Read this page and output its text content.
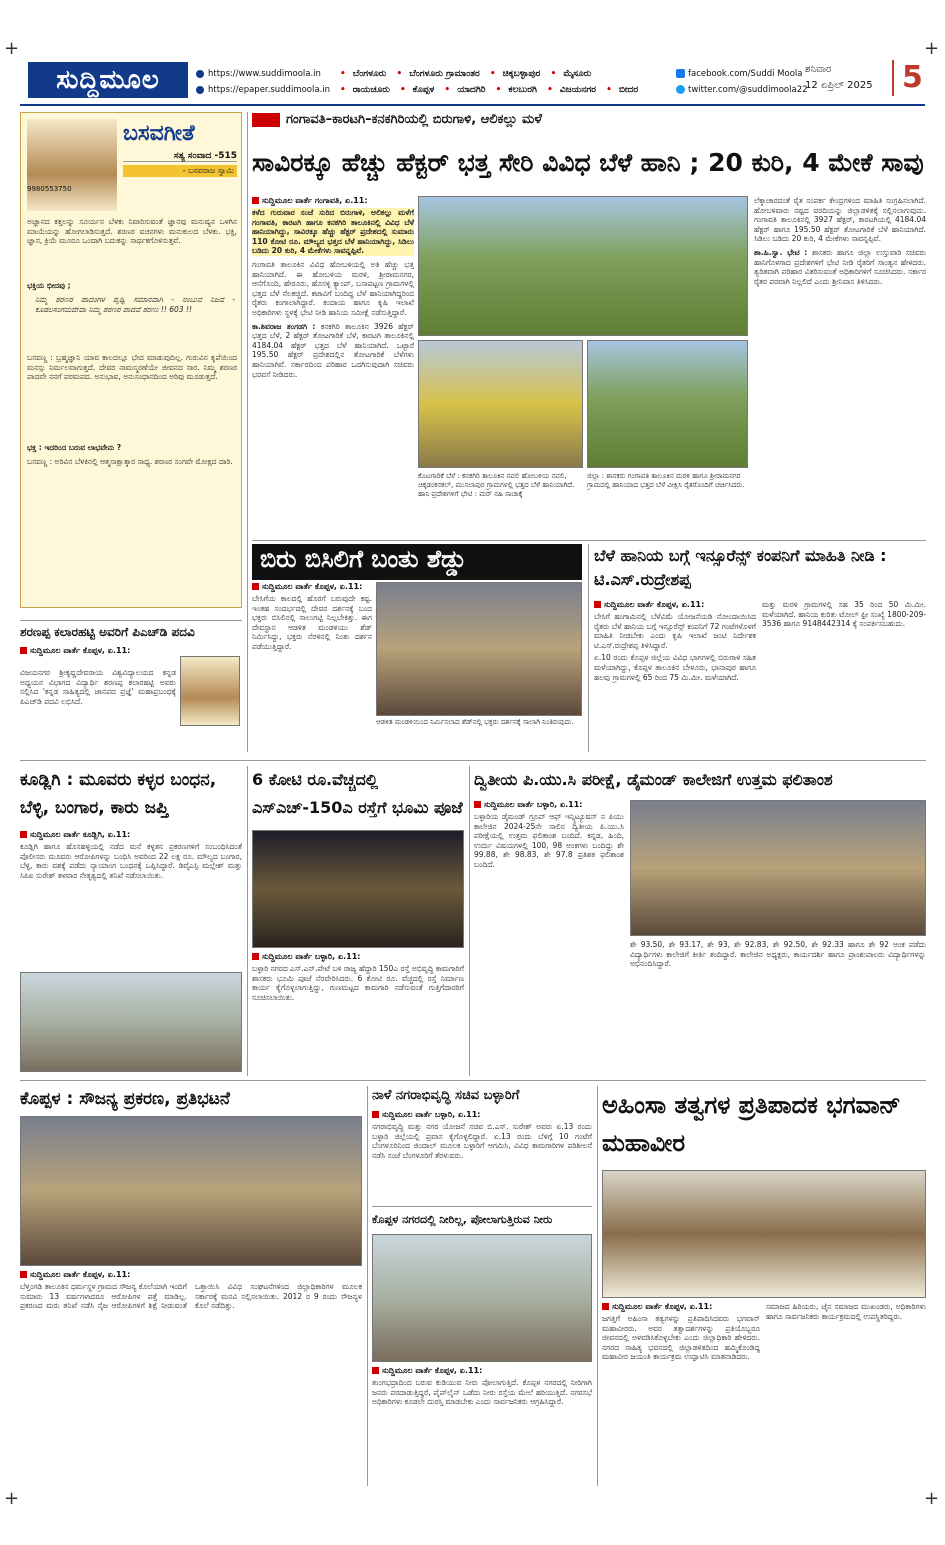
+	+
+	+
ಸುದ್ದಿಮೂಲ	https://www.suddimoola.in
https://epaper.suddimoola.in
• ಬೆಂಗಳೂರು • ಬೆಂಗಳೂರು ಗ್ರಾಮಾಂತರ • ಚಿಕ್ಕಬಳ್ಳಾಪುರ • ಮೈಸೂರು
• ರಾಯಚೂರು • ಕೊಪ್ಪಳ • ಯಾದಗಿರಿ • ಕಲಬುರಗಿ • ವಿಜಯನಗರ • ಬೀದರ
facebook.com/Suddi Moola
twitter.com/@suddimoola22
ಶನಿವಾರ
12 ಏಪ್ರಿಲ್ 2025 5
ಬಸವಗೀತೆ
ಸತ್ಯ ಸಂವಾದ -515
- ಬಸವರಾಜ ಸ್ವಾಮಿ
9980553750
ಅಜ್ಞಾನದ ಕತ್ತಲನ್ನು ಸೂರ್ಯನ ಬೆಳಕು ನಿವಾರಿಸುವಂತೆ ಜ್ಞಾನವು ಮನುಷ್ಯನ ಒಳಗಿನ ಮಾಯೆಯನ್ನು ಹೋಗಲಾಡಿಸುತ್ತದೆ. ಶರಣರ ವಚನಗಳು ಮನುಕುಲದ ಬೆಳಕು. ಭಕ್ತಿ, ಜ್ಞಾನ, ಕ್ರಿಯೆ ಮೂರೂ ಒಂದಾಗಿ ಬದುಕನ್ನು ಸಾರ್ಥಕಗೊಳಿಸುತ್ತವೆ.
ಭಕ್ತಿಯ ಭೀದವು ;
ನಿಮ್ಮ ಶರಣರ ಪಾದಂಗಳ ಪೃಥ್ವಿ ಸಮಾನವಾಗಿ - ನಂಬುವ ನಿಜವ - ಕೂಡಲಸಂಗಮದೇವಾ ನಿಮ್ಮ ಶರಣರ ಪಾದವೆ ಶರಣು !! 603 !!
ಬಸವಣ್ಣ : ಬ್ರಹ್ಮಜ್ಞಾನಿ ಯಾವ ಕಾಲದಲ್ಲೂ ಭೇದ ಮಾಡುವುದಿಲ್ಲ. ಗುರುವಿನ ಕೃಪೆಯಿಂದ ಮನಸ್ಸು ನಿರ್ಮಲವಾಗುತ್ತದೆ. ದೇವರ ನಾಮಸ್ಮರಣೆಯೇ ಜೀವನದ ಸಾರ. ನಿಮ್ಮ ಶರಣರ ಪಾದವೇ ನನಗೆ ಪರಮಪದ. ಅನುಭಾವ, ಅನುಸಂಧಾನದಿಂದ ಅರಿವು ಮೂಡುತ್ತದೆ.
ಭಕ್ತ : ಇದರಿಂದ ಬರುವ ಲಾಭವೇನು ?
ಬಸವಣ್ಣ : ಅರಿವಿನ ಬೆಳಕಿನಲ್ಲಿ ಆತ್ಮಸಾಕ್ಷಾತ್ಕಾರ ಸಾಧ್ಯ. ಶರಣರ ಸಂಗವೇ ಮೋಕ್ಷದ ದಾರಿ.
ಶರಣಪ್ಪ ಕಲಾರಹಟ್ಟಿ ಅವರಿಗೆ ಪಿಎಚ್‌ಡಿ ಪದವಿ
ಸುದ್ದಿಮೂಲ ವಾರ್ತೆ ಕೊಪ್ಪಳ, ಏ.11:
ವಿಜಯನಗರ ಶ್ರೀಕೃಷ್ಣದೇವರಾಯ ವಿಶ್ವವಿದ್ಯಾಲಯದ ಕನ್ನಡ ಅಧ್ಯಯನ ವಿಭಾಗದ ವಿದ್ಯಾರ್ಥಿ ಶರಣಪ್ಪ ಕಲಾರಹಟ್ಟಿ ಅವರು ಸಲ್ಲಿಸಿದ 'ಕನ್ನಡ ಸಾಹಿತ್ಯದಲ್ಲಿ ಜಾನಪದ ಪ್ರಜ್ಞೆ' ಮಹಾಪ್ರಬಂಧಕ್ಕೆ ಪಿಎಚ್‌ಡಿ ಪದವಿ ಲಭಿಸಿದೆ.
ಗಂಗಾವತಿ–ಕಾರಟಗಿ–ಕನಕಗಿರಿಯಲ್ಲಿ ಬಿರುಗಾಳಿ, ಆಲಿಕಲ್ಲು ಮಳೆ
ಸಾವಿರಕ್ಕೂ ಹೆಚ್ಚು ಹೆಕ್ಟರ್ ಭತ್ತ ಸೇರಿ ವಿವಿಧ ಬೆಳೆ ಹಾನಿ ; 20 ಕುರಿ, 4 ಮೇಕೆ ಸಾವು
ಸುದ್ದಿಮೂಲ ವಾರ್ತೆ ಗಂಗಾವತಿ, ಏ.11:
ಕಳೆದ ಗುರುವಾರ ಸಂಜೆ ಸುರಿದ ಬಿರುಗಾಳಿ, ಆಲಿಕಲ್ಲು ಮಳೆಗೆ ಗಂಗಾವತಿ, ಕಾರಟಗಿ ಹಾಗೂ ಕನಕಗಿರಿ ತಾಲೂಕಿನಲ್ಲಿ ವಿವಿಧ ಬೆಳೆ ಹಾನಿಯಾಗಿದ್ದು, ಸಾವಿರಕ್ಕೂ ಹೆಚ್ಚು ಹೆಕ್ಟರ್ ಪ್ರದೇಶದಲ್ಲಿ ಸುಮಾರು 110 ಕೋಟಿ ರೂ. ಮೌಲ್ಯದ ಭತ್ತದ ಬೆಳೆ ಹಾನಿಯಾಗಿದ್ದು, ಸಿಡಿಲು ಬಡಿದು 20 ಕುರಿ, 4 ಮೇಕೆಗಳು ಸಾವನ್ನಪ್ಪಿವೆ.
ಗಂಗಾವತಿ ತಾಲೂಕಿನ ವಿವಿಧ ಹೋಬಳಿಯಲ್ಲಿ ಅತಿ ಹೆಚ್ಚು ಭತ್ತ ಹಾನಿಯಾಗಿದೆ. ಈ ಹೋಬಳಿಯ ಮರಳಿ, ಶ್ರೀರಾಮನಗರ, ಆನೆಗೊಂದಿ, ಹೇರೂರು, ಹೊಸಳ್ಳಿ ಕ್ಯಾಂಪ್, ಬಸಾಪಟ್ಟಣ ಗ್ರಾಮಗಳಲ್ಲಿ ಭತ್ತದ ಬೆಳೆ ನೆಲಕಚ್ಚಿದೆ. ಕಟಾವಿಗೆ ಬಂದಿದ್ದ ಬೆಳೆ ಹಾನಿಯಾಗಿದ್ದರಿಂದ ರೈತರು ಕಂಗಾಲಾಗಿದ್ದಾರೆ. ಕಂದಾಯ ಹಾಗೂ ಕೃಷಿ ಇಲಾಖೆ ಅಧಿಕಾರಿಗಳು ಸ್ಥಳಕ್ಕೆ ಭೇಟಿ ನೀಡಿ ಹಾನಿಯ ಸಮೀಕ್ಷೆ ನಡೆಸುತ್ತಿದ್ದಾರೆ.
ಕಾ.ಶಿವರಾಜ ತಂಗಡಗಿ : ಕನಕಗಿರಿ ತಾಲೂಕಿನ 3926 ಹೆಕ್ಟರ್ ಭತ್ತದ ಬೆಳೆ, 2 ಹೆಕ್ಟರ್ ತೋಟಗಾರಿಕೆ ಬೆಳೆ, ಕಾರಟಗಿ ತಾಲೂಕಿನಲ್ಲಿ 4184.04 ಹೆಕ್ಟರ್ ಭತ್ತದ ಬೆಳೆ ಹಾನಿಯಾಗಿದೆ. ಒಟ್ಟಾರೆ 195.50 ಹೆಕ್ಟರ್ ಪ್ರದೇಶದಲ್ಲಿನ ತೋಟಗಾರಿಕೆ ಬೆಳೆಗಳು ಹಾನಿಯಾಗಿವೆ. ಸರ್ಕಾರದಿಂದ ಪರಿಹಾರ ಒದಗಿಸುವುದಾಗಿ ಸಚಿವರು ಭರವಸೆ ನೀಡಿದರು.
ಕೊಟಗಾರಿಕೆ ಬೆಳೆ : ಕನಕಗಿರಿ ತಾಲೂಕಿನ ನವಲಿ ಹೋಬಳಿಯ ನವಲಿ, ಚಿಕ್ಕಡಂಕನಕಲ್, ಮುಸಲಾಪುರ ಗ್ರಾಮಗಳಲ್ಲಿ ಭತ್ತದ ಬೆಳೆ ಹಾನಿಯಾಗಿದೆ. ಹಾನಿ ಪ್ರದೇಶಗಳಿಗೆ ಭೇಟಿ : ಮರ್ ನಹಿ ಸಾಚಾಕ್ಕೆ
ಜಿಲ್ಲಾ : ಶಾಸಕರು ಗಂಗಾವತಿ ತಾಲೂಕಿನ ಮರಳಿ ಹಾಗೂ ಶ್ರೀರಾಮನಗರ ಗ್ರಾಮದಲ್ಲಿ ಹಾನಿಯಾದ ಭತ್ತದ ಬೆಳೆ ವೀಕ್ಷಿಸಿ ರೈತರೊಂದಿಗೆ ಚರ್ಚಿಸಿದರು.
ಲೆಕ್ಕಾಚಾರದಂತೆ ರೈತ ಸಂಪರ್ಕ ಕೇಂದ್ರಗಳಿಂದ ಮಾಹಿತಿ ಸಂಗ್ರಹಿಸಲಾಗಿದೆ. ಹೋಬಳಿವಾರು ನಷ್ಟದ ವರದಿಯನ್ನು ಜಿಲ್ಲಾಡಳಿತಕ್ಕೆ ಸಲ್ಲಿಸಲಾಗುವುದು. ಗಂಗಾವತಿ ತಾಲೂಕಿನಲ್ಲಿ 3927 ಹೆಕ್ಟರ್, ಕಾರಟಗಿಯಲ್ಲಿ 4184.04 ಹೆಕ್ಟರ್ ಹಾಗೂ 195.50 ಹೆಕ್ಟರ್ ತೋಟಗಾರಿಕೆ ಬೆಳೆ ಹಾನಿಯಾಗಿದೆ. ಸಿಡಿಲು ಬಡಿದು 20 ಕುರಿ, 4 ಮೇಕೆಗಳು ಸಾವನ್ನಪ್ಪಿವೆ.
ಶಾ.ಹಿ.ಸ್ವಾ. ಭೇಟಿ : ಶಾಸಕರು ಹಾಗೂ ಜಿಲ್ಲಾ ಉಸ್ತುವಾರಿ ಸಚಿವರು ಹಾನಿಗೊಳಗಾದ ಪ್ರದೇಶಗಳಿಗೆ ಭೇಟಿ ನೀಡಿ ರೈತರಿಗೆ ಸಾಂತ್ವನ ಹೇಳಿದರು. ತ್ವರಿತವಾಗಿ ಪರಿಹಾರ ವಿತರಿಸುವಂತೆ ಅಧಿಕಾರಿಗಳಿಗೆ ಸೂಚಿಸಿದರು. ಸರ್ಕಾರ ರೈತರ ಪರವಾಗಿ ನಿಲ್ಲಲಿದೆ ಎಂದು ಶ್ರೀನಿವಾಸ ತಿಳಿಸಿದರು.
ಬಿರು ಬಿಸಿಲಿಗೆ ಬಂತು ಶೆಡ್ಡು
ಸುದ್ದಿಮೂಲ ವಾರ್ತೆ ಕೊಪ್ಪಳ, ಏ.11:
ಬೇಸಿಗೆಯ ಕಾಲದಲ್ಲಿ ಹೊರಗೆ ಬರುವುದೇ ಕಷ್ಟ. ಇಂತಹ ಸಂದರ್ಭದಲ್ಲಿ ದೇವರ ದರ್ಶನಕ್ಕೆ ಬಂದ ಭಕ್ತರು ಬಿಸಿಲಿನಲ್ಲಿ ಸಾಲುಗಟ್ಟಿ ನಿಲ್ಲಬೇಕಿತ್ತು. ಈಗ ದೇವಸ್ಥಾನ ಆಡಳಿತ ಮಂಡಳಿಯು ಶೆಡ್ ನಿರ್ಮಿಸಿದ್ದು, ಭಕ್ತರು ನೆರಳಿನಲ್ಲಿ ನಿಂತು ದರ್ಶನ ಪಡೆಯುತ್ತಿದ್ದಾರೆ.
ಆಡಳಿತ ಮಂಡಳಿಯಿಂದ ನಿರ್ಮಿಸಲಾದ ಶೆಡ್‌ನಲ್ಲಿ ಭಕ್ತರು ದರ್ಶನಕ್ಕೆ ಸಾಲಾಗಿ ನಿಂತಿರುವುದು.
ಬೆಳೆ ಹಾನಿಯ ಬಗ್ಗೆ ಇನ್ಸೂರೆನ್ಸ್ ಕಂಪನಿಗೆ ಮಾಹಿತಿ ನೀಡಿ : ಟಿ.ಎಸ್.ರುದ್ರೇಶಪ್ಪ
ಸುದ್ದಿಮೂಲ ವಾರ್ತೆ ಕೊಪ್ಪಳ, ಏ.11:
ಬೇಸಿಗೆ ಹಂಗಾಮಿನಲ್ಲಿ ಬೆಳೆವಿಮೆ ಯೋಜನೆಯಡಿ ನೋಂದಾಯಿಸಿದ ರೈತರು ಬೆಳೆ ಹಾನಿಯ ಬಗ್ಗೆ ಇನ್ಸೂರೆನ್ಸ್ ಕಂಪನಿಗೆ 72 ಗಂಟೆಗಳೊಳಗೆ ಮಾಹಿತಿ ನೀಡಬೇಕು ಎಂದು ಕೃಷಿ ಇಲಾಖೆ ಜಂಟಿ ನಿರ್ದೇಶಕ ಟಿ.ಎಸ್.ರುದ್ರೇಶಪ್ಪ ತಿಳಿಸಿದ್ದಾರೆ.
ಏ.10 ರಂದು ಕೊಪ್ಪಳ ಜಿಲ್ಲೆಯ ವಿವಿಧ ಭಾಗಗಳಲ್ಲಿ ಬಿರುಗಾಳಿ ಸಹಿತ ಮಳೆಯಾಗಿದ್ದು, ಕೊಪ್ಪಳ ತಾಲೂಕಿನ ಬೇಳೂರು, ಭಾನಾಪುರ ಹಾಗೂ ಹಲವು ಗ್ರಾಮಗಳಲ್ಲಿ 65 ರಿಂದ 75 ಮಿ.ಮೀ. ಮಳೆಯಾಗಿದೆ.
ಮತ್ತು ಮರಳಿ ಗ್ರಾಮಗಳಲ್ಲಿ ಸಹ 35 ರಿಂದ 50 ಮಿ.ಮೀ. ಮಳೆಯಾಗಿದೆ. ಹಾನಿಯ ಕುರಿತು ಟೋಲ್ ಫ್ರೀ ಸಂಖ್ಯೆ 1800-209-3536 ಹಾಗೂ 9148442314 ಕ್ಕೆ ಸಂಪರ್ಕಿಸಬಹುದು.
ಕೂಡ್ಲಿಗಿ : ಮೂವರು ಕಳ್ಳರ ಬಂಧನ, ಬೆಳ್ಳಿ, ಬಂಗಾರ, ಕಾರು ಜಪ್ತಿ
ಸುದ್ದಿಮೂಲ ವಾರ್ತೆ ಕೂಡ್ಲಿಗಿ, ಏ.11:
ಕೂಡ್ಲಿಗಿ ಹಾಗೂ ಹೊಸಹಳ್ಳಿಯಲ್ಲಿ ನಡೆದ ಮನೆ ಕಳ್ಳತನ ಪ್ರಕರಣಗಳಿಗೆ ಸಂಬಂಧಿಸಿದಂತೆ ಪೊಲೀಸರು ಮೂವರು ಆರೋಪಿಗಳನ್ನು ಬಂಧಿಸಿ ಅವರಿಂದ 22 ಲಕ್ಷ ರೂ. ಮೌಲ್ಯದ ಬಂಗಾರ, ಬೆಳ್ಳಿ, ಕಾರು ವಶಕ್ಕೆ ಪಡೆದು ನ್ಯಾಯಾಂಗ ಬಂಧನಕ್ಕೆ ಒಪ್ಪಿಸಿದ್ದಾರೆ. ಡಿವೈಎಸ್ಪಿ ಮಲ್ಲೇಶ್ ಮತ್ತು ಸಿಪಿಐ ಸುರೇಶ್ ತಳವಾರ ನೇತೃತ್ವದಲ್ಲಿ ತನಿಖೆ ನಡೆಸಲಾಯಿತು.
6 ಕೋಟಿ ರೂ.ವೆಚ್ಚದಲ್ಲಿ ಎಸ್‌ಎಚ್-150ಎ ರಸ್ತೆಗೆ ಭೂಮಿ ಪೂಜೆ
ಸುದ್ದಿಮೂಲ ವಾರ್ತೆ ಬಳ್ಳಾರಿ, ಏ.11:
ಬಳ್ಳಾರಿ ನಗರದ ಎಸ್.ಎನ್.ಪೇಟೆ ಬಳಿ ರಾಜ್ಯ ಹೆದ್ದಾರಿ 150ಎ ರಸ್ತೆ ಅಭಿವೃದ್ಧಿ ಕಾಮಗಾರಿಗೆ ಶಾಸಕರು ಭೂಮಿ ಪೂಜೆ ನೆರವೇರಿಸಿದರು. 6 ಕೋಟಿ ರೂ. ವೆಚ್ಚದಲ್ಲಿ ರಸ್ತೆ ನಿರ್ಮಾಣ ಕಾರ್ಯ ಕೈಗೊಳ್ಳಲಾಗುತ್ತಿದ್ದು, ಗುಣಮಟ್ಟದ ಕಾಮಗಾರಿ ನಡೆಸುವಂತೆ ಗುತ್ತಿಗೆದಾರರಿಗೆ ಸೂಚಿಸಲಾಯಿತು.
ದ್ವಿತೀಯ ಪಿ.ಯು.ಸಿ ಪರೀಕ್ಷೆ, ಡೈಮಂಡ್ ಕಾಲೇಜಿಗೆ ಉತ್ತಮ ಫಲಿತಾಂಶ
ಸುದ್ದಿಮೂಲ ವಾರ್ತೆ ಬಳ್ಳಾರಿ, ಏ.11:
ಬಳ್ಳಾರಿಯ ಡೈಮಂಡ್ ಗ್ರೂಪ್ ಆಫ್ ಇನ್ಸ್ಟಿಟ್ಯೂಷನ್ ನ ಪಿಯು ಕಾಲೇಜಿನ 2024-25ನೇ ಸಾಲಿನ ದ್ವಿತೀಯ ಪಿ.ಯು.ಸಿ ಪರೀಕ್ಷೆಯಲ್ಲಿ ಉತ್ತಮ ಫಲಿತಾಂಶ ಬಂದಿದೆ. ಕನ್ನಡ, ಹಿಂದಿ, ಉರ್ದು ವಿಷಯಗಳಲ್ಲಿ 100, 98 ಅಂಕಗಳು ಬಂದಿದ್ದು ಶೇ 99.88, ಶೇ 98.83, ಶೇ 97.8 ಪ್ರತಿಶತ ಫಲಿತಾಂಶ ಬಂದಿದೆ.
ಶೇ 93.50, ಶೇ 93.17, ಶೇ 93, ಶೇ 92.83, ಶೇ 92.50, ಶೇ 92.33 ಹಾಗೂ ಶೇ 92 ಅಂಕ ಪಡೆದು ವಿದ್ಯಾರ್ಥಿಗಳು ಕಾಲೇಜಿಗೆ ಕೀರ್ತಿ ತಂದಿದ್ದಾರೆ. ಕಾಲೇಜಿನ ಅಧ್ಯಕ್ಷರು, ಕಾರ್ಯದರ್ಶಿ ಹಾಗೂ ಪ್ರಾಂಶುಪಾಲರು ವಿದ್ಯಾರ್ಥಿಗಳನ್ನು ಅಭಿನಂದಿಸಿದ್ದಾರೆ.
ಕೊಪ್ಪಳ : ಸೌಜನ್ಯ ಪ್ರಕರಣ, ಪ್ರತಿಭಟನೆ
ಸುದ್ದಿಮೂಲ ವಾರ್ತೆ ಕೊಪ್ಪಳ, ಏ.11:
ಬೆಳ್ತಂಗಡಿ ತಾಲೂಕಿನ ಧರ್ಮಸ್ಥಳ ಗ್ರಾಮದ ಸೌಜನ್ಯ ಕೊಲೆಯಾಗಿ ಇಂದಿಗೆ ಸುಮಾರು 13 ವರ್ಷಗಳಾದರೂ ಆರೋಪಿಗಳ ಪತ್ತೆ ಮಾಡಿಲ್ಲ. ಪ್ರಕರಣದ ಮರು ತನಿಖೆ ನಡೆಸಿ ನೈಜ ಆರೋಪಿಗಳಿಗೆ ಶಿಕ್ಷೆ ನೀಡುವಂತೆ ಒತ್ತಾಯಿಸಿ ವಿವಿಧ ಸಂಘಟನೆಗಳಿಂದ ಜಿಲ್ಲಾಧಿಕಾರಿಗಳ ಮೂಲಕ ಸರ್ಕಾರಕ್ಕೆ ಮನವಿ ಸಲ್ಲಿಸಲಾಯಿತು. 2012 ರ 9 ರಂದು ಸೌಜನ್ಯಳ ಕೊಲೆ ನಡೆದಿತ್ತು.
ನಾಳೆ ನಗರಾಭಿವೃದ್ಧಿ ಸಚಿವ ಬಳ್ಳಾರಿಗೆ
ಸುದ್ದಿಮೂಲ ವಾರ್ತೆ ಬಳ್ಳಾರಿ, ಏ.11:
ನಗರಾಭಿವೃದ್ಧಿ ಮತ್ತು ನಗರ ಯೋಜನೆ ಸಚಿವ ಬಿ.ಎಸ್. ಸುರೇಶ್ ಅವರು ಏ.13 ರಂದು ಬಳ್ಳಾರಿ ಜಿಲ್ಲೆಯಲ್ಲಿ ಪ್ರವಾಸ ಕೈಗೊಳ್ಳಲಿದ್ದಾರೆ. ಏ.13 ರಂದು ಬೆಳಿಗ್ಗೆ 10 ಗಂಟೆಗೆ ಬೆಂಗಳೂರಿನಿಂದ ಜಿಂದಾಲ್ ಮೂಲಕ ಬಳ್ಳಾರಿಗೆ ಆಗಮಿಸಿ, ವಿವಿಧ ಕಾಮಗಾರಿಗಳ ಪರಿಶೀಲನೆ ನಡೆಸಿ ಸಂಜೆ ಬೆಂಗಳೂರಿಗೆ ತೆರಳುವರು.
ಕೊಪ್ಪಳ ನಗರದಲ್ಲಿ ನೀರಿಲ್ಲ, ಪೋಲಾಗುತ್ತಿರುವ ನೀರು
ಸುದ್ದಿಮೂಲ ವಾರ್ತೆ ಕೊಪ್ಪಳ, ಏ.11:
ತುಂಗಭದ್ರಾದಿಂದ ಬರುವ ಕುಡಿಯುವ ನೀರು ಪೋಲಾಗುತ್ತಿದೆ. ಕೊಪ್ಪಳ ನಗರದಲ್ಲಿ ನೀರಿಗಾಗಿ ಜನರು ಪರದಾಡುತ್ತಿದ್ದರೆ, ಪೈಪ್‌ಲೈನ್ ಒಡೆದು ನೀರು ರಸ್ತೆಯ ಮೇಲೆ ಹರಿಯುತ್ತಿದೆ. ನಗರಸಭೆ ಅಧಿಕಾರಿಗಳು ಕೂಡಲೇ ದುರಸ್ತಿ ಮಾಡಬೇಕು ಎಂದು ಸಾರ್ವಜನಿಕರು ಆಗ್ರಹಿಸಿದ್ದಾರೆ.
ಅಹಿಂಸಾ ತತ್ವಗಳ ಪ್ರತಿಪಾದಕ ಭಗವಾನ್ ಮಹಾವೀರ
ಸುದ್ದಿಮೂಲ ವಾರ್ತೆ ಕೊಪ್ಪಳ, ಏ.11:
ಜಗತ್ತಿಗೆ ಅಹಿಂಸಾ ತತ್ವಗಳನ್ನು ಪ್ರತಿಪಾದಿಸಿದವರು ಭಗವಾನ್ ಮಹಾವೀರರು. ಅವರ ತತ್ವಾದರ್ಶಗಳನ್ನು ಪ್ರತಿಯೊಬ್ಬರೂ ಜೀವನದಲ್ಲಿ ಅಳವಡಿಸಿಕೊಳ್ಳಬೇಕು ಎಂದು ಜಿಲ್ಲಾಧಿಕಾರಿ ಹೇಳಿದರು. ನಗರದ ಸಾಹಿತ್ಯ ಭವನದಲ್ಲಿ ಜಿಲ್ಲಾಡಳಿತದಿಂದ ಹಮ್ಮಿಕೊಂಡಿದ್ದ ಮಹಾವೀರ ಜಯಂತಿ ಕಾರ್ಯಕ್ರಮ ಉದ್ಘಾಟಿಸಿ ಮಾತನಾಡಿದರು.
ಸಮಾಜದ ಹಿರಿಯರು, ಜೈನ ಸಮಾಜದ ಮುಖಂಡರು, ಅಧಿಕಾರಿಗಳು ಹಾಗೂ ಸಾರ್ವಜನಿಕರು ಕಾರ್ಯಕ್ರಮದಲ್ಲಿ ಉಪಸ್ಥಿತರಿದ್ದರು.
